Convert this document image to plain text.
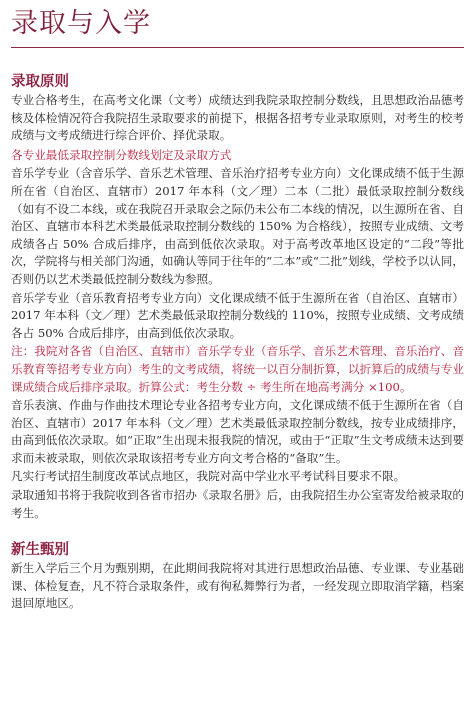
录取与入学
录取原则

专业合格考生，在高考文化课（文考）成绩达到我院录取控制分数线，且思想政治品德考核及体检情况符合我院招生录取要求的前提下，根据各招考专业录取原则，对考生的校考成绩与文考成绩进行综合评价、择优录取。

各专业最低录取控制分数线划定及录取方式

音乐学专业（含音乐学、音乐艺术管理、音乐治疗招考专业方向）文化课成绩不低于生源所在省（自治区、直辖市）2017 年本科（文／理）二本（二批）最低录取控制分数线（如有不设二本线，或在我院召开录取会之际仍未公布二本线的情况，以生源所在省、自治区、直辖市本科艺术类最低录取控制分数线的 150% 为合格线），按照专业成绩、文考成绩各占 50% 合成后排序，由高到低依次录取。对于高考改革地区设定的“二段”等批次，学院将与相关部门沟通，如确认等同于往年的“二本”或“二批”划线，学校予以认同，否则仍以艺术类最低控制分数线为参照。

音乐学专业（音乐教育招考专业方向）文化课成绩不低于生源所在省（自治区、直辖市）2017 年本科（文／理）艺术类最低录取控制分数线的 110%，按照专业成绩、文考成绩各占 50% 合成后排序，由高到低依次录取。

注：我院对各省（自治区、直辖市）音乐学专业（音乐学、音乐艺术管理、音乐治疗、音乐教育等招考专业方向）考生的文考成绩，将统一以百分制折算，以折算后的成绩与专业课成绩合成后排序录取。折算公式：考生分数 ÷ 考生所在地高考满分 ×100。

音乐表演、作曲与作曲技术理论专业各招考专业方向，文化课成绩不低于生源所在省（自治区、直辖市）2017 年本科（文／理）艺术类最低录取控制分数线，按专业成绩排序，由高到低依次录取。如“正取”生出现未报我院的情况，或由于“正取”生文考成绩未达到要求而未被录取，则依次录取该招考专业方向文考合格的“备取”生。

凡实行考试招生制度改革试点地区，我院对高中学业水平考试科目要求不限。

录取通知书将于我院收到各省市招办《录取名册》后，由我院招生办公室寄发给被录取的考生。

新生甄别

新生入学后三个月为甄别期，在此期间我院将对其进行思想政治品德、专业课、专业基础课、体检复查，凡不符合录取条件，或有徇私舞弊行为者，一经发现立即取消学籍，档案退回原地区。
